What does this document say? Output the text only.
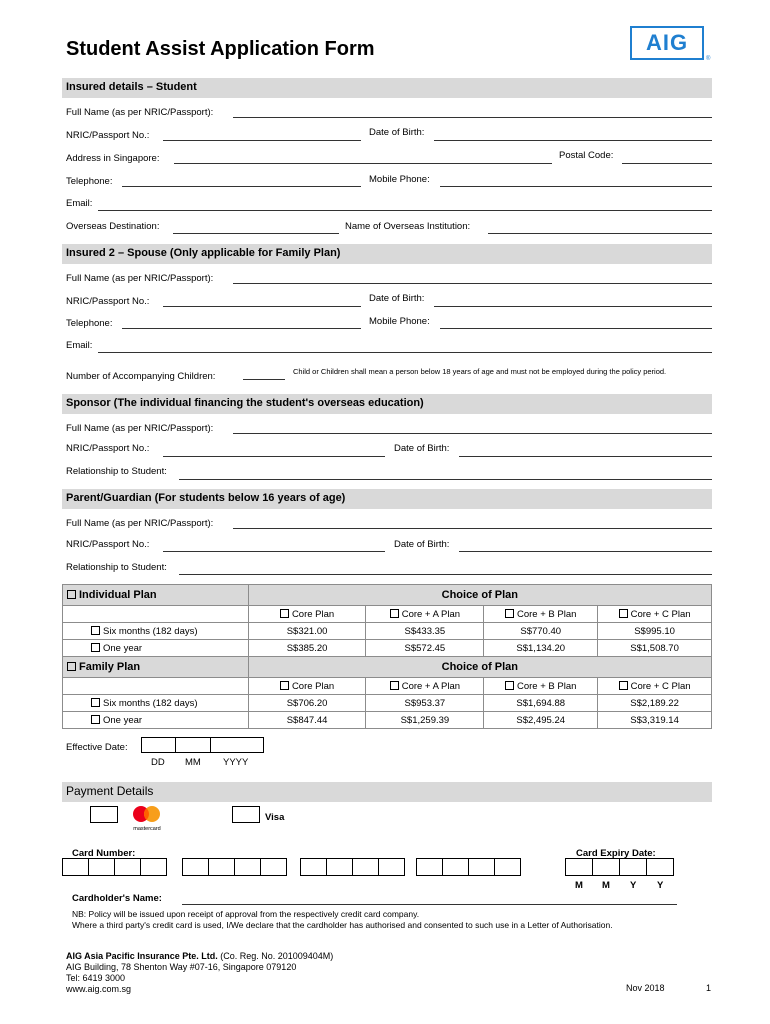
Student Assist Application Form	AIG
®
Insured details – Student
Full Name (as per NRIC/Passport):
NRIC/Passport No.:	Date of Birth:
Address in Singapore:	Postal Code:
Telephone:	Mobile Phone:
Email:
Overseas Destination:	Name of Overseas Institution:
Insured 2 – Spouse (Only applicable for Family Plan)
Full Name (as per NRIC/Passport):
NRIC/Passport No.:	Date of Birth:
Telephone:	Mobile Phone:
Email:
Number of Accompanying Children:	Child or Children shall mean a person below 18 years of age and must not be employed during the policy period.
Sponsor (The individual financing the student's overseas education)
Full Name (as per NRIC/Passport):
NRIC/Passport No.:	Date of Birth:
Relationship to Student:
Parent/Guardian (For students below 16 years of age)
Full Name (as per NRIC/Passport):
NRIC/Passport No.:	Date of Birth:
Relationship to Student:
Individual Plan	Choice of Plan			
	Core Plan	Core + A Plan	Core + B Plan	Core + C Plan
Six months (182 days)	S$321.00	S$433.35	S$770.40	S$995.10
One year	S$385.20	S$572.45	S$1,134.20	S$1,508.70
Family Plan	Choice of Plan			
	Core Plan	Core + A Plan	Core + B Plan	Core + C Plan
Six months (182 days)	S$706.20	S$953.37	S$1,694.88	S$2,189.22
One year	S$847.44	S$1,259.39	S$2,495.24	S$3,319.14
Effective Date:
DD MM YYYY
Payment Details
mastercard
Visa
Card Number:	Card Expiry Date:
M M Y Y
Cardholder's Name:
NB: Policy will be issued upon receipt of approval from the respectively credit card company.
Where a third party's credit card is used, I/We declare that the cardholder has authorised and consented to such use in a Letter of Authorisation.
AIG Asia Pacific Insurance Pte. Ltd. (Co. Reg. No. 201009404M)
AIG Building, 78 Shenton Way #07-16, Singapore 079120
Tel: 6419 3000
www.aig.com.sg	Nov 2018	1
